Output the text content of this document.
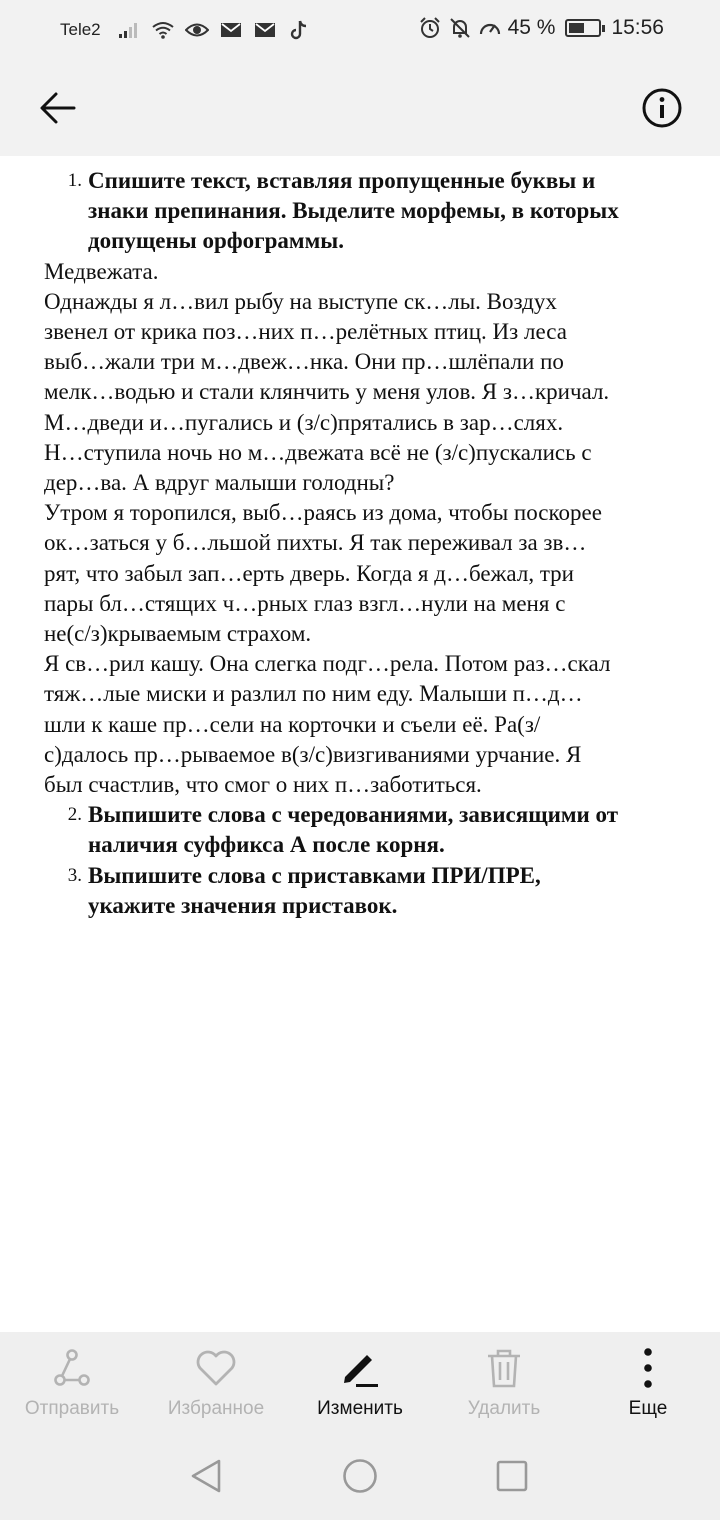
Tele2	45 %	15:56
1. Спишите текст, вставляя пропущенные буквы и
знаки препинания. Выделите морфемы, в которых
допущены орфограммы.
Медвежата.
Однажды я л…вил рыбу на выступе ск…лы. Воздух
звенел от крика поз…них п…релётных птиц. Из леса
выб…жали три м…двеж…нка. Они пр…шлёпали по
мелк…водью и стали клянчить у меня улов. Я з…кричал.
М…дведи и…пугались и (з/с)прятались в зар…слях.
Н…ступила ночь но м…двежата всё не (з/с)пускались с
дер…ва. А вдруг малыши голодны?
Утром я торопился, выб…раясь из дома, чтобы поскорее
ок…заться у б…льшой пихты. Я так переживал за зв…
рят, что забыл зап…ерть дверь. Когда я д…бежал, три
пары бл…стящих ч…рных глаз взгл…нули на меня с
не(с/з)крываемым страхом.
Я св…рил кашу. Она слегка подг…рела. Потом раз…скал
тяж…лые миски и разлил по ним еду. Малыши п…д…
шли к каше пр…сели на корточки и съели её. Ра(з/
с)далось пр…рываемое в(з/с)визгиваниями урчание. Я
был счастлив, что смог о них п…заботиться.
2. Выпишите слова с чередованиями, зависящими от
наличия суффикса А после корня.
3. Выпишите слова с приставками ПРИ/ПРЕ,
укажите значения приставок.
Отправить	Избранное	Изменить	Удалить	Еще
